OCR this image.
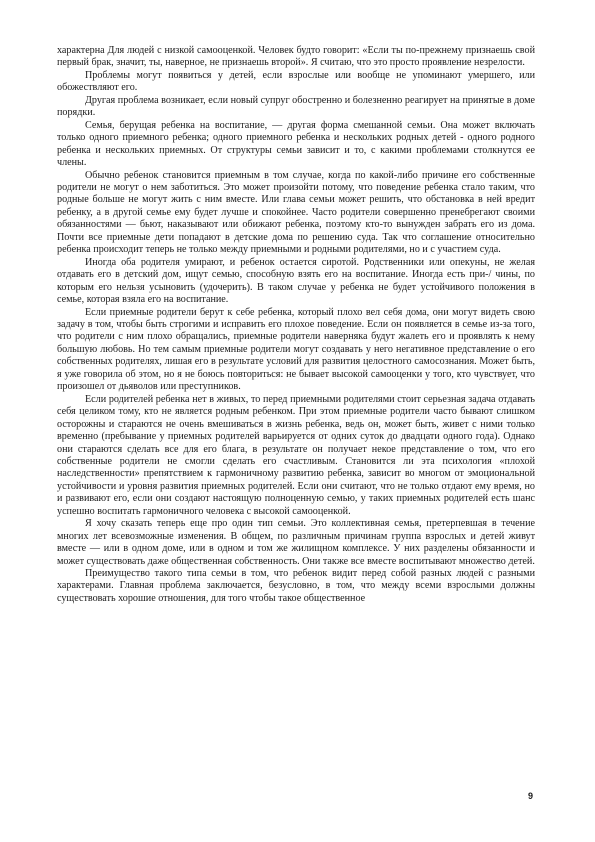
характерна Для людей с низкой самооценкой. Человек будто говорит: «Если ты по-прежнему признаешь свой первый брак, значит, ты, наверное, не признаешь второй». Я считаю, что это просто проявление незрелости.

Проблемы могут появиться у детей, если взрослые или вообще не упоминают умершего, или обожествляют его.

Другая проблема возникает, если новый супруг обостренно и болезненно реагирует на принятые в доме порядки.

Семья, берущая ребенка на воспитание, — другая форма смешанной семьи. Она может включать только одного приемного ребенка; одного приемного ребенка и нескольких родных детей - одного родного ребенка и нескольких приемных. От структуры семьи зависит и то, с какими проблемами столкнутся ее члены.

Обычно ребенок становится приемным в том случае, когда по какой-либо причине его собственные родители не могут о нем заботиться. Это может произойти потому, что поведение ребенка стало таким, что родные больше не могут жить с ним вместе. Или глава семьи может решить, что обстановка в ней вредит ребенку, а в другой семье ему будет лучше и спокойнее. Часто родители совершенно пренебрегают своими обязанностями — бьют, наказывают или обижают ребенка, поэтому кто-то вынужден забрать его из дома. Почти все приемные дети попадают в детские дома по решению суда. Так что соглашение относительно ребенка происходит теперь не только между приемными и родными родителями, но и с участием суда.

Иногда оба родителя умирают, и ребенок остается сиротой. Родственники или опекуны, не желая отдавать его в детский дом, ищут семью, способную взять его на воспитание. Иногда есть при-/ чины, по которым его нельзя усыновить (удочерить). В таком случае у ребенка не будет устойчивого положения в семье, которая взяла его на воспитание.

Если приемные родители берут к себе ребенка, который плохо вел себя дома, они могут видеть свою задачу в том, чтобы быть строгими и исправить его плохое поведение. Если он появляется в семье из-за того, что родители с ним плохо обращались, приемные родители наверняка будут жалеть его и проявлять к нему большую любовь. Но тем самым приемные родители могут создавать у него негативное представление о его собственных родителях, лишая его в результате условий для развития целостного самосознания. Может быть, я уже говорила об этом, но я не боюсь повториться: не бывает высокой самооценки у того, кто чувствует, что произошел от дьяволов или преступников.

Если родителей ребенка нет в живых, то перед приемными родителями стоит серьезная задача отдавать себя целиком тому, кто не является родным ребенком. При этом приемные родители часто бывают слишком осторожны и стараются не очень вмешиваться в жизнь ребенка, ведь он, может быть, живет с ними только временно (пребывание у приемных родителей варьируется от одних суток до двадцати одного года). Однако они стараются сделать все для его блага, в результате он получает некое представление о том, что его собственные родители не смогли сделать его счастливым. Становится ли эта психология «плохой наследственности» препятствием к гармоничному развитию ребенка, зависит во многом от эмоциональной устойчивости и уровня развития приемных родителей. Если они считают, что не только отдают ему время, но и развивают его, если они создают настоящую полноценную семью, у таких приемных родителей есть шанс успешно воспитать гармоничного человека с высокой самооценкой.

Я хочу сказать теперь еще про один тип семьи. Это коллективная семья, претерпевшая в течение многих лет всевозможные изменения. В общем, по различным причинам группа взрослых и детей живут вместе — или в одном доме, или в одном и том же жилищном комплексе. У них разделены обязанности и может существовать даже общественная собственность. Они также все вместе воспитывают множество детей.

Преимущество такого типа семьи в том, что ребенок видит перед собой разных людей с разными характерами. Главная проблема заключается, безусловно, в том, что между всеми взрослыми должны существовать хорошие отношения, для того чтобы такое общественное

9
